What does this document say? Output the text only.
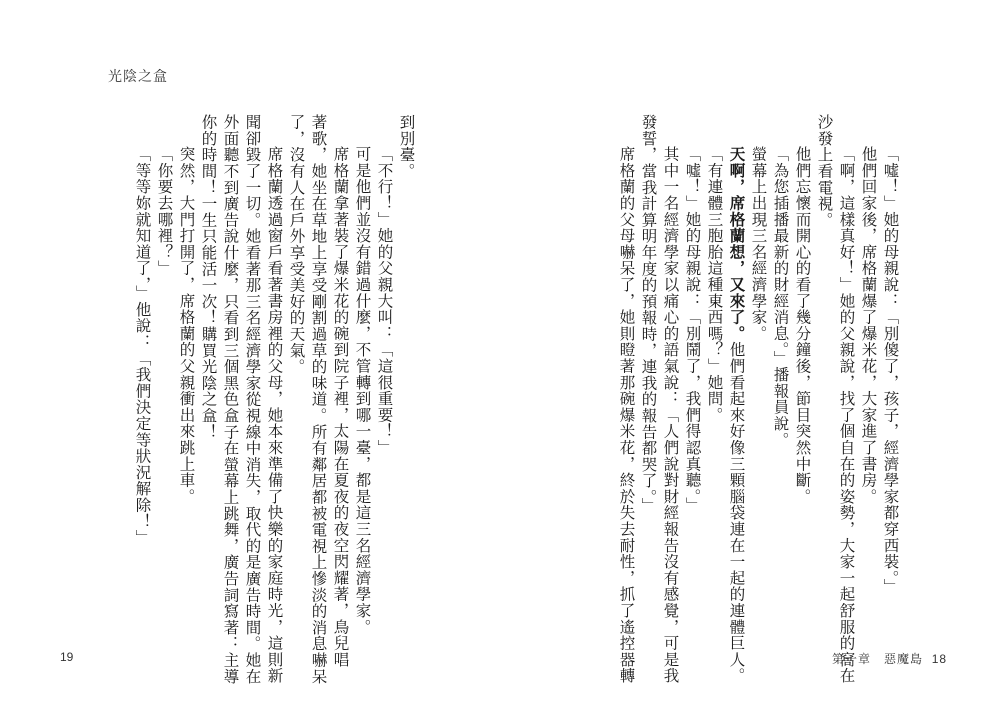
光陰之盒
「噓！」她的母親說：「別傻了，孩子，經濟學家都穿西裝。」
他們回家後，席格蘭爆了爆米花，大家進了書房。
「啊，這樣真好！」她的父親說，找了個自在的姿勢，大家一起舒服的窩在
沙發上看電視。
他們忘懷而開心的看了幾分鐘後，節目突然中斷。
「為您插播最新的財經消息。」播報員說。
螢幕上出現三名經濟學家。
天啊，席格蘭想，又來了。他們看起來好像三顆腦袋連在一起的連體巨人。
「有連體三胞胎這種東西嗎？」她問。
「噓！」她的母親說：「別鬧了，我們得認真聽。」
其中一名經濟學家以痛心的語氣說：「人們說對財經報告沒有感覺，可是我
發誓，當我計算明年度的預報時，連我的報告都哭了。」
席格蘭的父母嚇呆了，她則瞪著那碗爆米花，終於失去耐性，抓了遙控器轉
到別臺。
「不行！」她的父親大叫：「這很重要！」
可是他們並沒有錯過什麼，不管轉到哪一臺，都是這三名經濟學家。
席格蘭拿著裝了爆米花的碗到院子裡，太陽在夏夜的夜空閃耀著，鳥兒唱
著歌，她坐在草地上享受剛割過草的味道。所有鄰居都被電視上慘淡的消息嚇呆
了，沒有人在戶外享受美好的天氣。
席格蘭透過窗戶看著書房裡的父母，她本來準備了快樂的家庭時光，這則新
聞卻毀了一切。她看著那三名經濟學家從視線中消失，取代的是廣告時間。她在
外面聽不到廣告說什麼，只看到三個黑色盒子在螢幕上跳舞，廣告詞寫著：主導
你的時間！一生只能活一次！購買光陰之盒！
突然，大門打開了，席格蘭的父親衝出來跳上車。
「你要去哪裡？」
「等等妳就知道了，」他說：「我們決定等狀況解除！」
19	第一章　惡魔島 18
